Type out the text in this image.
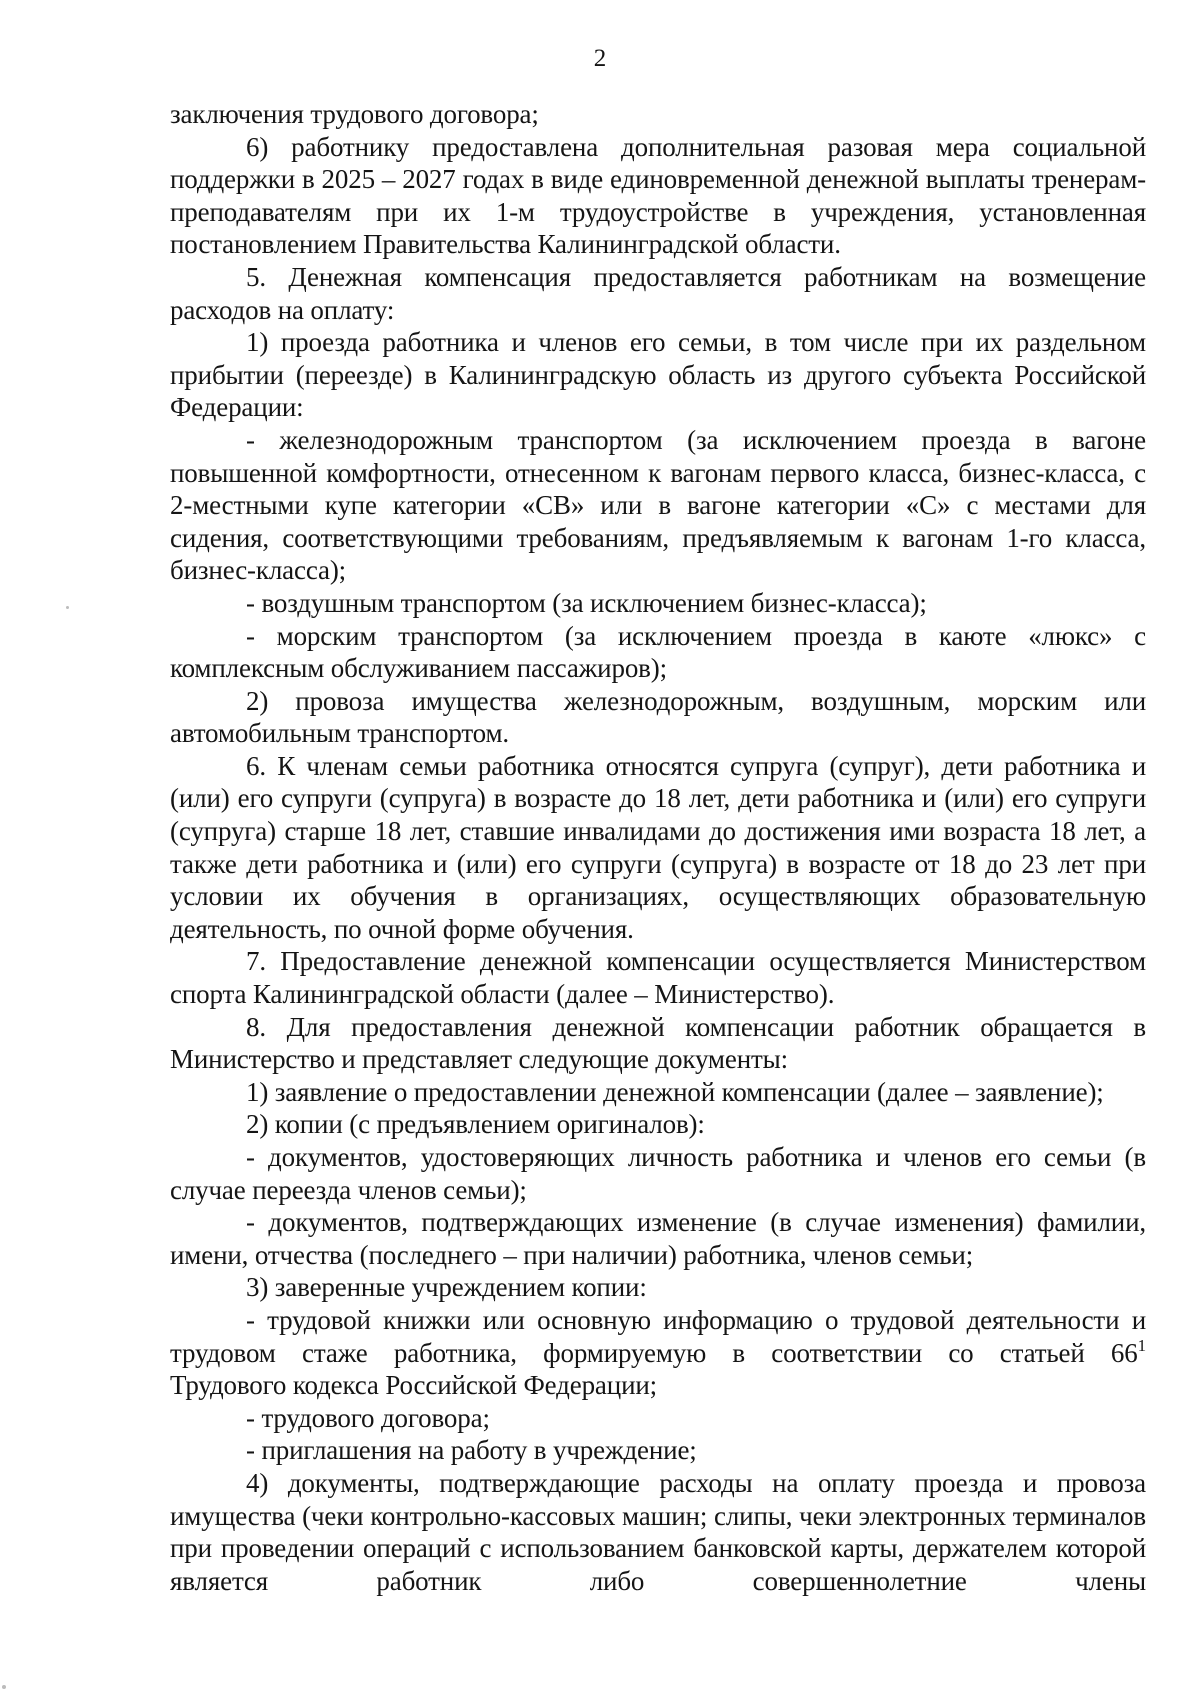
2

заключения трудового договора;

6) работнику предоставлена дополнительная разовая мера социальной поддержки в 2025 – 2027 годах в виде единовременной денежной выплаты тренерам-преподавателям при их 1-м трудоустройстве в учреждения, установленная постановлением Правительства Калининградской области.

5. Денежная компенсация предоставляется работникам на возмещение расходов на оплату:

1) проезда работника и членов его семьи, в том числе при их раздельном прибытии (переезде) в Калининградскую область из другого субъекта Российской Федерации:

- железнодорожным транспортом (за исключением проезда в вагоне повышенной комфортности, отнесенном к вагонам первого класса, бизнес-класса, с 2-местными купе категории «СВ» или в вагоне категории «С» с местами для сидения, соответствующими требованиям, предъявляемым к вагонам 1-го класса, бизнес-класса);

- воздушным транспортом (за исключением бизнес-класса);

- морским транспортом (за исключением проезда в каюте «люкс» с комплексным обслуживанием пассажиров);

2) провоза имущества железнодорожным, воздушным, морским или автомобильным транспортом.

6. К членам семьи работника относятся супруга (супруг), дети работника и (или) его супруги (супруга) в возрасте до 18 лет, дети работника и (или) его супруги (супруга) старше 18 лет, ставшие инвалидами до достижения ими возраста 18 лет, а также дети работника и (или) его супруги (супруга) в возрасте от 18 до 23 лет при условии их обучения в организациях, осуществляющих образовательную деятельность, по очной форме обучения.

7. Предоставление денежной компенсации осуществляется Министерством спорта Калининградской области (далее – Министерство).

8. Для предоставления денежной компенсации работник обращается в Министерство и представляет следующие документы:

1) заявление о предоставлении денежной компенсации (далее – заявление);

2) копии (с предъявлением оригиналов):

- документов, удостоверяющих личность работника и членов его семьи (в случае переезда членов семьи);

- документов, подтверждающих изменение (в случае изменения) фамилии, имени, отчества (последнего – при наличии) работника, членов семьи;

3) заверенные учреждением копии:

- трудовой книжки или основную информацию о трудовой деятельности и трудовом стаже работника, формируемую в соответствии со статьей $66^1$

Трудового кодекса Российской Федерации;

- трудового договора;

- приглашения на работу в учреждение;

4) документы, подтверждающие расходы на оплату проезда и провоза имущества (чеки контрольно-кассовых машин; слипы, чеки электронных терминалов при проведении операций с использованием банковской карты, держателем которой является работник либо совершеннолетние члены
